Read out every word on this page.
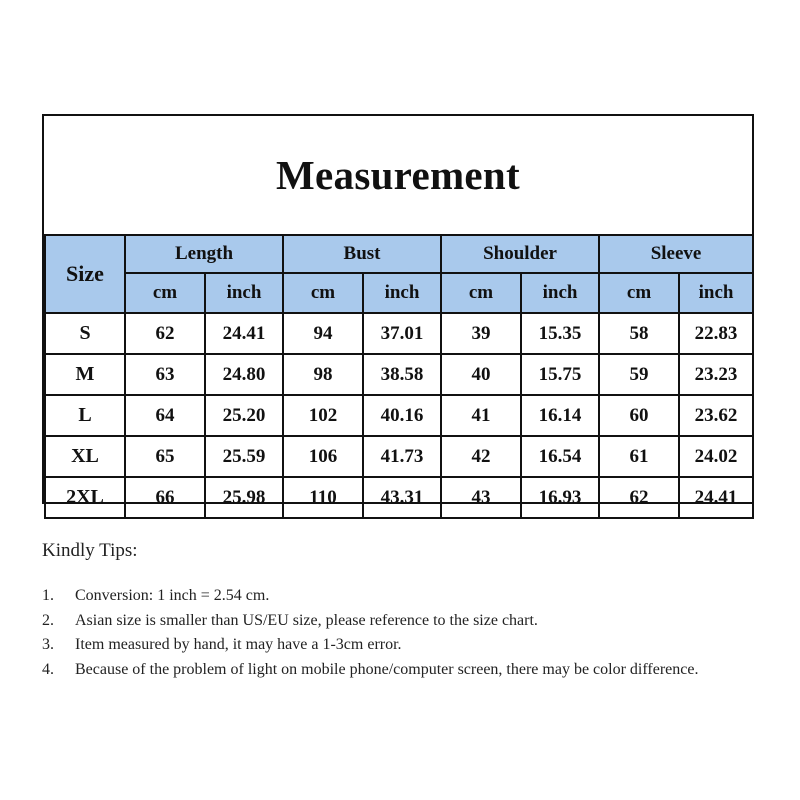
Measurement
Size	Length		Bust		Shoulder		Sleeve	
	cm	inch	cm	inch	cm	inch	cm	inch
S	62	24.41	94	37.01	39	15.35	58	22.83
M	63	24.80	98	38.58	40	15.75	59	23.23
L	64	25.20	102	40.16	41	16.14	60	23.62
XL	65	25.59	106	41.73	42	16.54	61	24.02
2XL	66	25.98	110	43.31	43	16.93	62	24.41
Kindly Tips:
1. Conversion: 1 inch = 2.54 cm.
2. Asian size is smaller than US/EU size, please reference to the size chart.
3. Item measured by hand, it may have a 1-3cm error.
4. Because of the problem of light on mobile phone/computer screen, there may be color difference.
